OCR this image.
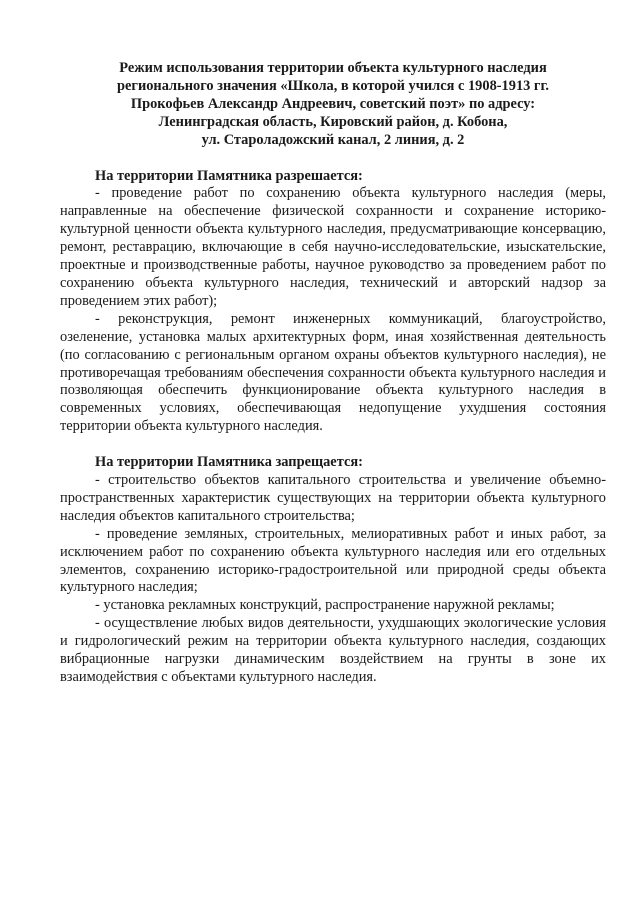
Режим использования территории объекта культурного наследия
регионального значения «Школа, в которой учился с 1908-1913 гг.
Прокофьев Александр Андреевич, советский поэт» по адресу:
Ленинградская область, Кировский район, д. Кобона,
ул. Староладожский канал, 2 линия, д. 2

На территории Памятника разрешается:

- проведение работ по сохранению объекта культурного наследия (меры, направленные на обеспечение физической сохранности и сохранение историко-культурной ценности объекта культурного наследия, предусматривающие консервацию, ремонт, реставрацию, включающие в себя научно-исследовательские, изыскательские, проектные и производственные работы, научное руководство за проведением работ по сохранению объекта культурного наследия, технический и авторский надзор за проведением этих работ);

- реконструкция, ремонт инженерных коммуникаций, благоустройство, озеленение, установка малых архитектурных форм, иная хозяйственная деятельность (по согласованию с региональным органом охраны объектов культурного наследия), не противоречащая требованиям обеспечения сохранности объекта культурного наследия и позволяющая обеспечить функционирование объекта культурного наследия в современных условиях, обеспечивающая недопущение ухудшения состояния территории объекта культурного наследия.

На территории Памятника запрещается:

- строительство объектов капитального строительства и увеличение объемно-пространственных характеристик существующих на территории объекта культурного наследия объектов капитального строительства;

- проведение земляных, строительных, мелиоративных работ и иных работ, за исключением работ по сохранению объекта культурного наследия или его отдельных элементов, сохранению историко-градостроительной или природной среды объекта культурного наследия;

- установка рекламных конструкций, распространение наружной рекламы;

- осуществление любых видов деятельности, ухудшающих экологические условия и гидрологический режим на территории объекта культурного наследия, создающих вибрационные нагрузки динамическим воздействием на грунты в зоне их взаимодействия с объектами культурного наследия.
